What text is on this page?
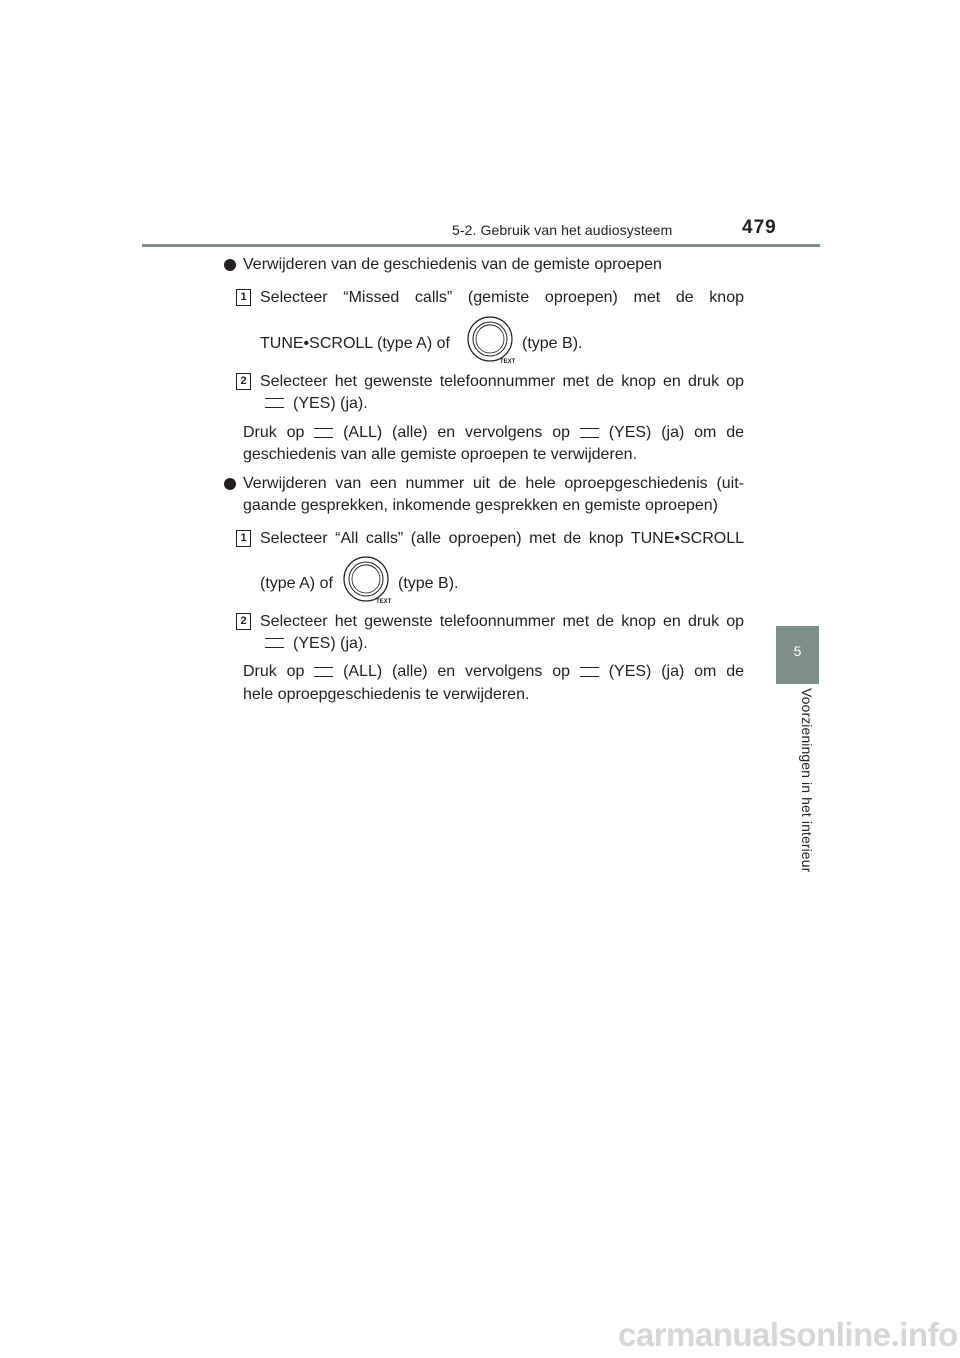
5-2. Gebruik van het audiosysteem	479
5
Voorzieningen in het interieur
Verwijderen van de geschiedenis van de gemiste oproepen
1 Selecteer “Missed calls” (gemiste oproepen) met de knop
TUNE•SCROLL (type A) of
TEXT
(type B).
2 Selecteer het gewenste telefoonnummer met de knop en druk op
(YES) (ja).
Druk op (ALL) (alle) en vervolgens op (YES) (ja) om de
geschiedenis van alle gemiste oproepen te verwijderen.
Verwijderen van een nummer uit de hele oproepgeschiedenis (uit-
gaande gesprekken, inkomende gesprekken en gemiste oproepen)
1 Selecteer “All calls” (alle oproepen) met de knop TUNE•SCROLL
(type A) of
TEXT
(type B).
2 Selecteer het gewenste telefoonnummer met de knop en druk op
(YES) (ja).
Druk op (ALL) (alle) en vervolgens op (YES) (ja) om de
hele oproepgeschiedenis te verwijderen.
carmanualsonline.info
